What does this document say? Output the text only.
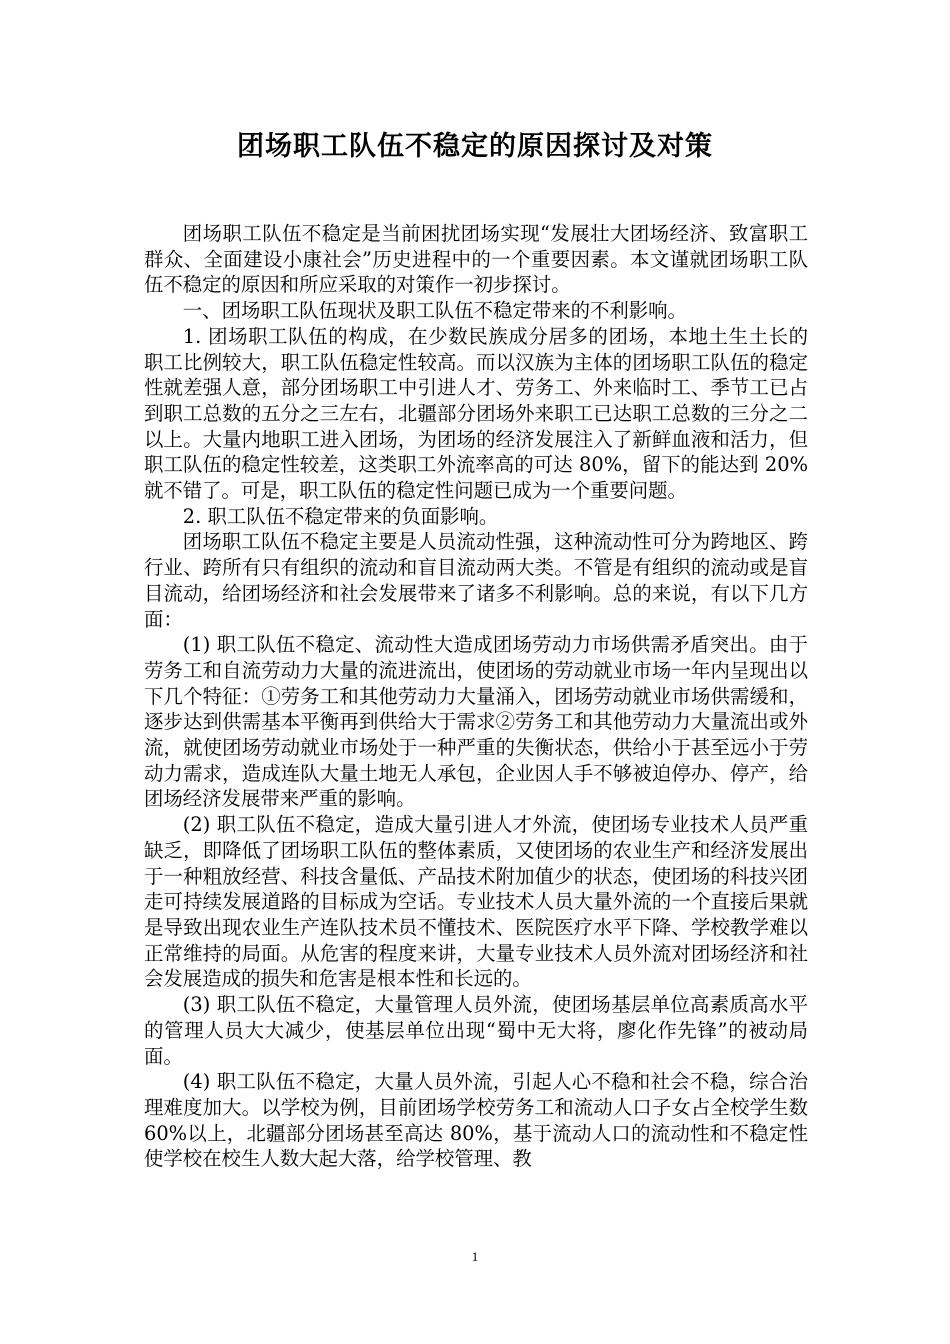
团场职工队伍不稳定的原因探讨及对策

团场职工队伍不稳定是当前困扰团场实现“发展壮大团场经济、致富职工群众、全面建设小康社会”历史进程中的一个重要因素。本文谨就团场职工队伍不稳定的原因和所应采取的对策作一初步探讨。

一、团场职工队伍现状及职工队伍不稳定带来的不利影响。

1. 团场职工队伍的构成，在少数民族成分居多的团场，本地土生土长的职工比例较大，职工队伍稳定性较高。而以汉族为主体的团场职工队伍的稳定性就差强人意，部分团场职工中引进人才、劳务工、外来临时工、季节工已占到职工总数的五分之三左右，北疆部分团场外来职工已达职工总数的三分之二以上。大量内地职工进入团场，为团场的经济发展注入了新鲜血液和活力，但职工队伍的稳定性较差，这类职工外流率高的可达 80%，留下的能达到 20%就不错了。可是，职工队伍的稳定性问题已成为一个重要问题。

2. 职工队伍不稳定带来的负面影响。

团场职工队伍不稳定主要是人员流动性强，这种流动性可分为跨地区、跨行业、跨所有只有组织的流动和盲目流动两大类。不管是有组织的流动或是盲目流动，给团场经济和社会发展带来了诸多不利影响。总的来说，有以下几方面：

(1) 职工队伍不稳定、流动性大造成团场劳动力市场供需矛盾突出。由于劳务工和自流劳动力大量的流进流出，使团场的劳动就业市场一年内呈现出以下几个特征：①劳务工和其他劳动力大量涌入，团场劳动就业市场供需缓和，逐步达到供需基本平衡再到供给大于需求②劳务工和其他劳动力大量流出或外流，就使团场劳动就业市场处于一种严重的失衡状态，供给小于甚至远小于劳动力需求，造成连队大量土地无人承包，企业因人手不够被迫停办、停产，给团场经济发展带来严重的影响。

(2) 职工队伍不稳定，造成大量引进人才外流，使团场专业技术人员严重缺乏，即降低了团场职工队伍的整体素质，又使团场的农业生产和经济发展出于一种粗放经营、科技含量低、产品技术附加值少的状态，使团场的科技兴团走可持续发展道路的目标成为空话。专业技术人员大量外流的一个直接后果就是导致出现农业生产连队技术员不懂技术、医院医疗水平下降、学校教学难以正常维持的局面。从危害的程度来讲，大量专业技术人员外流对团场经济和社会发展造成的损失和危害是根本性和长远的。

(3) 职工队伍不稳定，大量管理人员外流，使团场基层单位高素质高水平的管理人员大大减少，使基层单位出现“蜀中无大将，廖化作先锋”的被动局面。

(4) 职工队伍不稳定，大量人员外流，引起人心不稳和社会不稳，综合治理难度加大。以学校为例，目前团场学校劳务工和流动人口子女占全校学生数 60%以上，北疆部分团场甚至高达 80%，基于流动人口的流动性和不稳定性使学校在校生人数大起大落，给学校管理、教

1
